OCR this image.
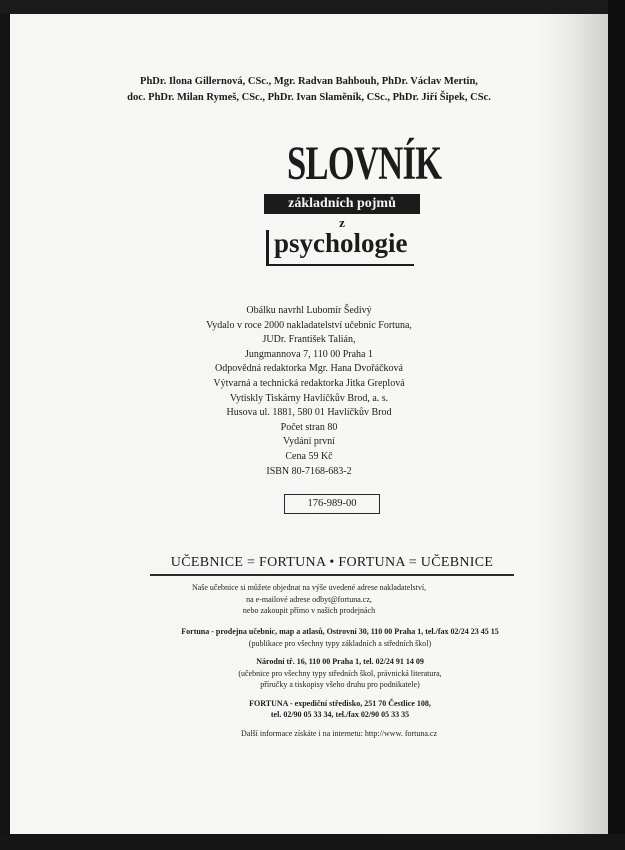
PhDr. Ilona Gillernová, CSc., Mgr. Radvan Bahbouh, PhDr. Václav Mertin,
doc. PhDr. Milan Rymeš, CSc., PhDr. Ivan Slaměník, CSc., PhDr. Jiří Šipek, CSc.
SLOVNÍK
základních pojmů
z
psychologie
Obálku navrhl Lubomír Šedivý
Vydalo v roce 2000 nakladatelství učebnic Fortuna,
JUDr. František Talián,
Jungmannova 7, 110 00 Praha 1
Odpovědná redaktorka Mgr. Hana Dvořáčková
Výtvarná a technická redaktorka Jitka Greplová
Vytiskly Tiskárny Havlíčkův Brod, a. s.
Husova ul. 1881, 580 01 Havlíčkův Brod
Počet stran 80
Vydání první
Cena 59 Kč
ISBN 80-7168-683-2
176-989-00
UČEBNICE = FORTUNA • FORTUNA = UČEBNICE
Naše učebnice si můžete objednat na výše uvedené adrese nakladatelství,
na e-mailové adrese odbyt@fortuna.cz,
nebo zakoupit přímo v našich prodejnách
Fortuna - prodejna učebnic, map a atlasů, Ostrovní 30, 110 00 Praha 1, tel./fax 02/24 23 45 15
(publikace pro všechny typy základních a středních škol)
Národní tř. 16, 110 00 Praha 1, tel. 02/24 91 14 09
(učebnice pro všechny typy středních škol, právnická literatura,
příručky a tiskopisy všeho druhu pro podnikatele)
FORTUNA - expediční středisko, 251 70 Čestlice 108,
tel. 02/90 05 33 34, tel./fax 02/90 05 33 35
Další informace získáte i na internetu: http://www. fortuna.cz
